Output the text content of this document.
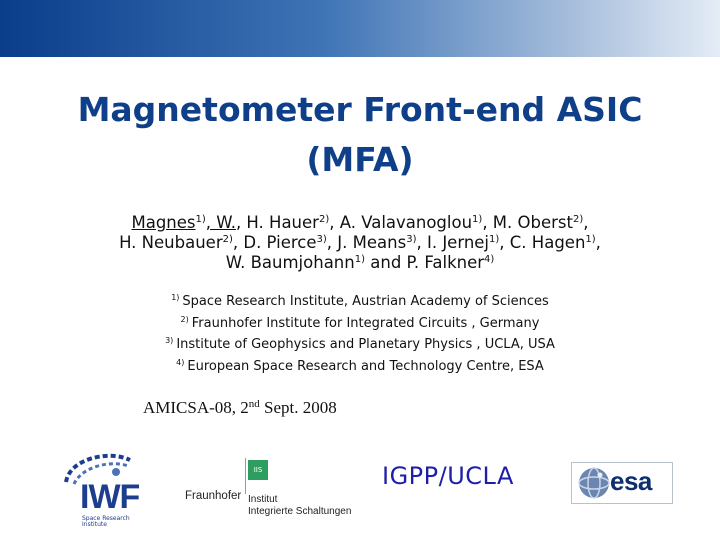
Magnetometer Front-end ASIC
(MFA)
Magnes$^{1)}$, W., H. Hauer$^{2)}$, A. Valavanoglou$^{1)}$, M. Oberst$^{2)}$,
H. Neubauer$^{2)}$, D. Pierce$^{3)}$, J. Means$^{3)}$, I. Jernej$^{1)}$, C. Hagen$^{1)}$,
W. Baumjohann$^{1)}$ and P. Falkner$^{4)}$
$^{1)}$ Space Research Institute, Austrian Academy of Sciences
$^{2)}$ Fraunhofer Institute for Integrated Circuits , Germany
$^{3)}$ Institute of Geophysics and Planetary Physics , UCLA, USA
$^{4)}$ European Space Research and Technology Centre, ESA
AMICSA-08, 2nd Sept. 2008
IWF
Space Research Institute
IIS
Fraunhofer Institut
Integrierte Schaltungen
IGPP/UCLA	esa
